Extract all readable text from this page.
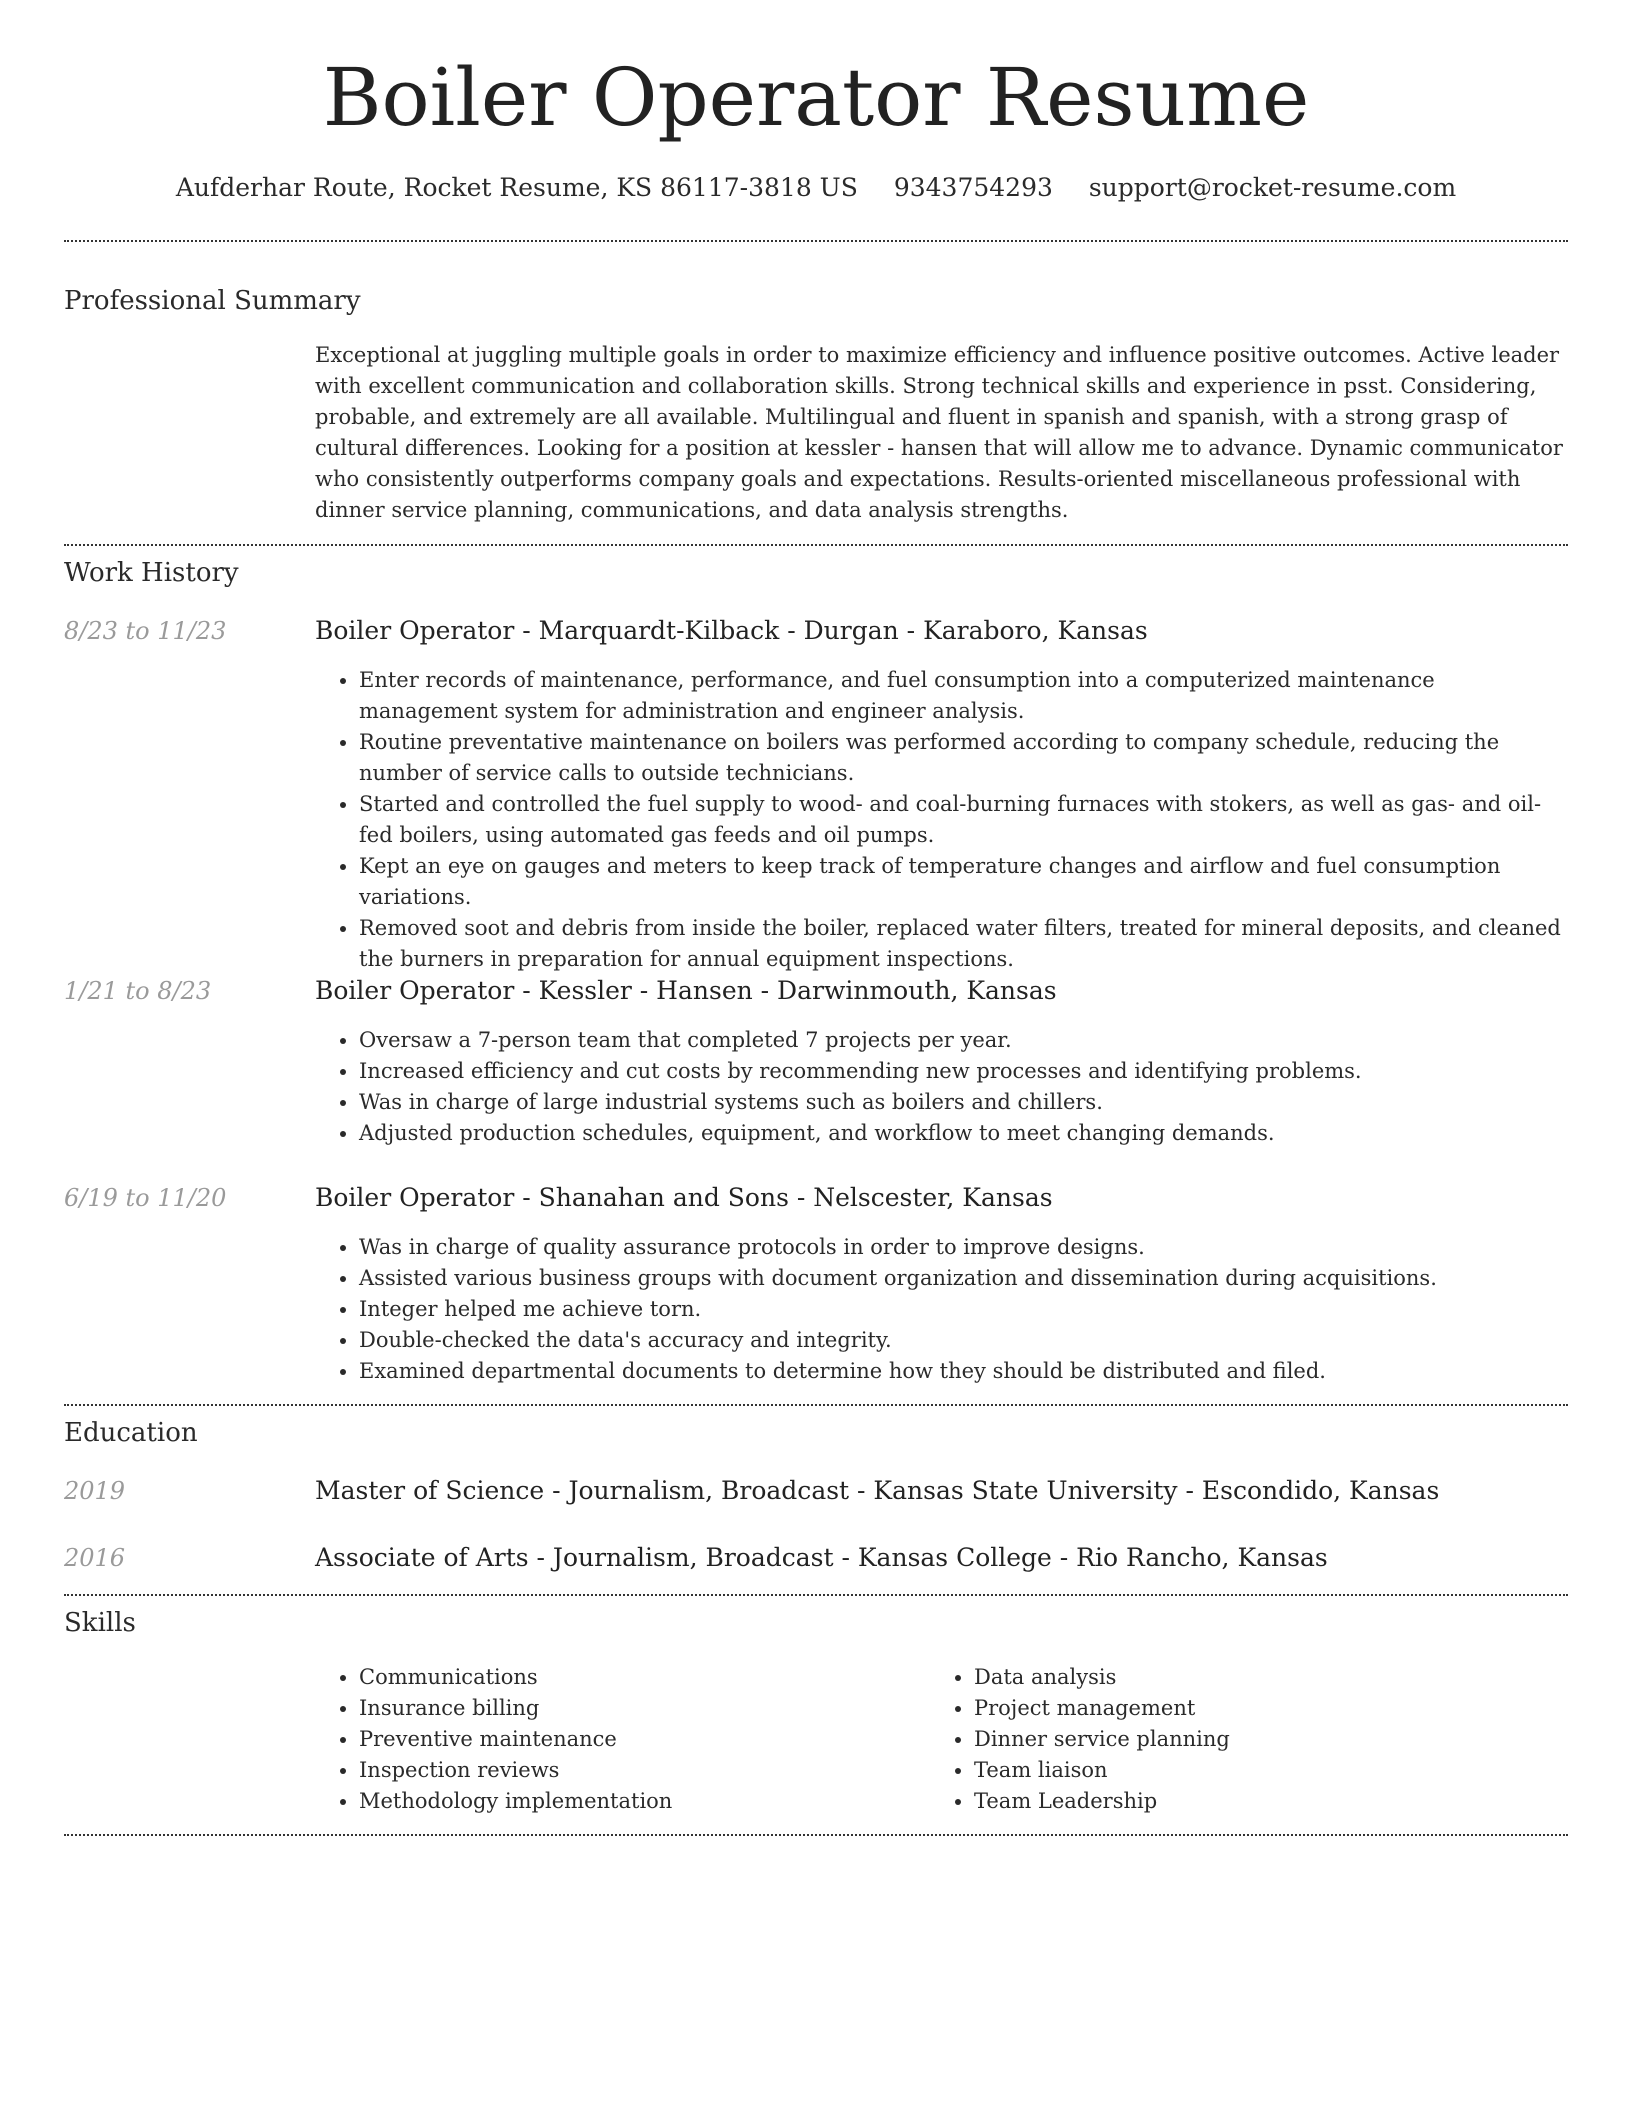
Boiler Operator Resume
Aufderhar Route, Rocket Resume, KS 86117-3818 US 9343754293 support@rocket-resume.com
Professional Summary

Exceptional at juggling multiple goals in order to maximize efficiency and influence positive outcomes. Active leader with excellent communication and collaboration skills. Strong technical skills and experience in psst. Considering, probable, and extremely are all available. Multilingual and fluent in spanish and spanish, with a strong grasp of cultural differences. Looking for a position at kessler - hansen that will allow me to advance. Dynamic communicator who consistently outperforms company goals and expectations. Results-oriented miscellaneous professional with dinner service planning, communications, and data analysis strengths.

Work History
8/23 to 11/23	Boiler Operator - Marquardt-Kilback - Durgan - Karaboro, Kansas
• Enter records of maintenance, performance, and fuel consumption into a computerized maintenance management system for administration and engineer analysis.
• Routine preventative maintenance on boilers was performed according to company schedule, reducing the number of service calls to outside technicians.
• Started and controlled the fuel supply to wood- and coal-burning furnaces with stokers, as well as gas- and oil-fed boilers, using automated gas feeds and oil pumps.
• Kept an eye on gauges and meters to keep track of temperature changes and airflow and fuel consumption variations.
• Removed soot and debris from inside the boiler, replaced water filters, treated for mineral deposits, and cleaned the burners in preparation for annual equipment inspections.
1/21 to 8/23	Boiler Operator - Kessler - Hansen - Darwinmouth, Kansas
• Oversaw a 7-person team that completed 7 projects per year.
• Increased efficiency and cut costs by recommending new processes and identifying problems.
• Was in charge of large industrial systems such as boilers and chillers.
• Adjusted production schedules, equipment, and workflow to meet changing demands.
6/19 to 11/20	Boiler Operator - Shanahan and Sons - Nelscester, Kansas
• Was in charge of quality assurance protocols in order to improve designs.
• Assisted various business groups with document organization and dissemination during acquisitions.
• Integer helped me achieve torn.
• Double-checked the data's accuracy and integrity.
• Examined departmental documents to determine how they should be distributed and filed.
Education
2019	Master of Science - Journalism, Broadcast - Kansas State University - Escondido, Kansas
2016	Associate of Arts - Journalism, Broadcast - Kansas College - Rio Rancho, Kansas
Skills
• Communications
• Insurance billing
• Preventive maintenance
• Inspection reviews
• Methodology implementation
• Data analysis
• Project management
• Dinner service planning
• Team liaison
• Team Leadership
